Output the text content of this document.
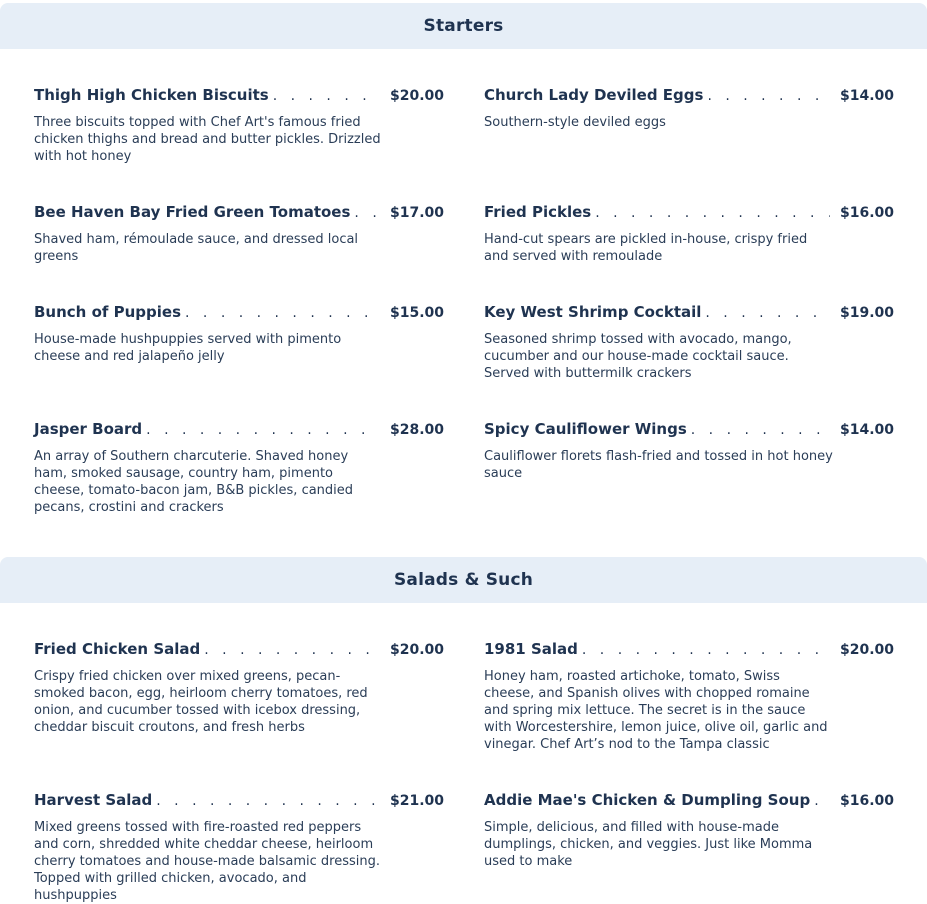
Starters
Thigh High Chicken Biscuits . . .	$20.00
Three biscuits topped with Chef Art's famous fried chicken thighs and bread and butter pickles. Drizzled with hot honey
Church Lady Deviled Eggs . . .	$14.00
Southern-style deviled eggs
Bee Haven Bay Fried Green Tomatoes . . .	$17.00
Shaved ham, rémoulade sauce, and dressed local greens
Fried Pickles . . .	$16.00
Hand-cut spears are pickled in-house, crispy fried and served with remoulade
Bunch of Puppies . . .	$15.00
House-made hushpuppies served with pimento cheese and red jalapeño jelly
Key West Shrimp Cocktail . . .	$19.00
Seasoned shrimp tossed with avocado, mango, cucumber and our house-made cocktail sauce. Served with buttermilk crackers
Jasper Board . . .	$28.00
An array of Southern charcuterie. Shaved honey ham, smoked sausage, country ham, pimento cheese, tomato-bacon jam, B&B pickles, candied pecans, crostini and crackers
Spicy Cauliflower Wings . . .	$14.00
Cauliflower florets flash-fried and tossed in hot honey sauce
Salads & Such
Fried Chicken Salad . . .	$20.00
Crispy fried chicken over mixed greens, pecan-smoked bacon, egg, heirloom cherry tomatoes, red onion, and cucumber tossed with icebox dressing, cheddar biscuit croutons, and fresh herbs
1981 Salad . . .	$20.00
Honey ham, roasted artichoke, tomato, Swiss cheese, and Spanish olives with chopped romaine and spring mix lettuce. The secret is in the sauce with Worcestershire, lemon juice, olive oil, garlic and vinegar. Chef Art’s nod to the Tampa classic
Harvest Salad . . .	$21.00
Mixed greens tossed with fire-roasted red peppers and corn, shredded white cheddar cheese, heirloom cherry tomatoes and house-made balsamic dressing. Topped with grilled chicken, avocado, and hushpuppies
Addie Mae's Chicken & Dumpling Soup . . .	$16.00
Simple, delicious, and filled with house-made dumplings, chicken, and veggies. Just like Momma used to make
